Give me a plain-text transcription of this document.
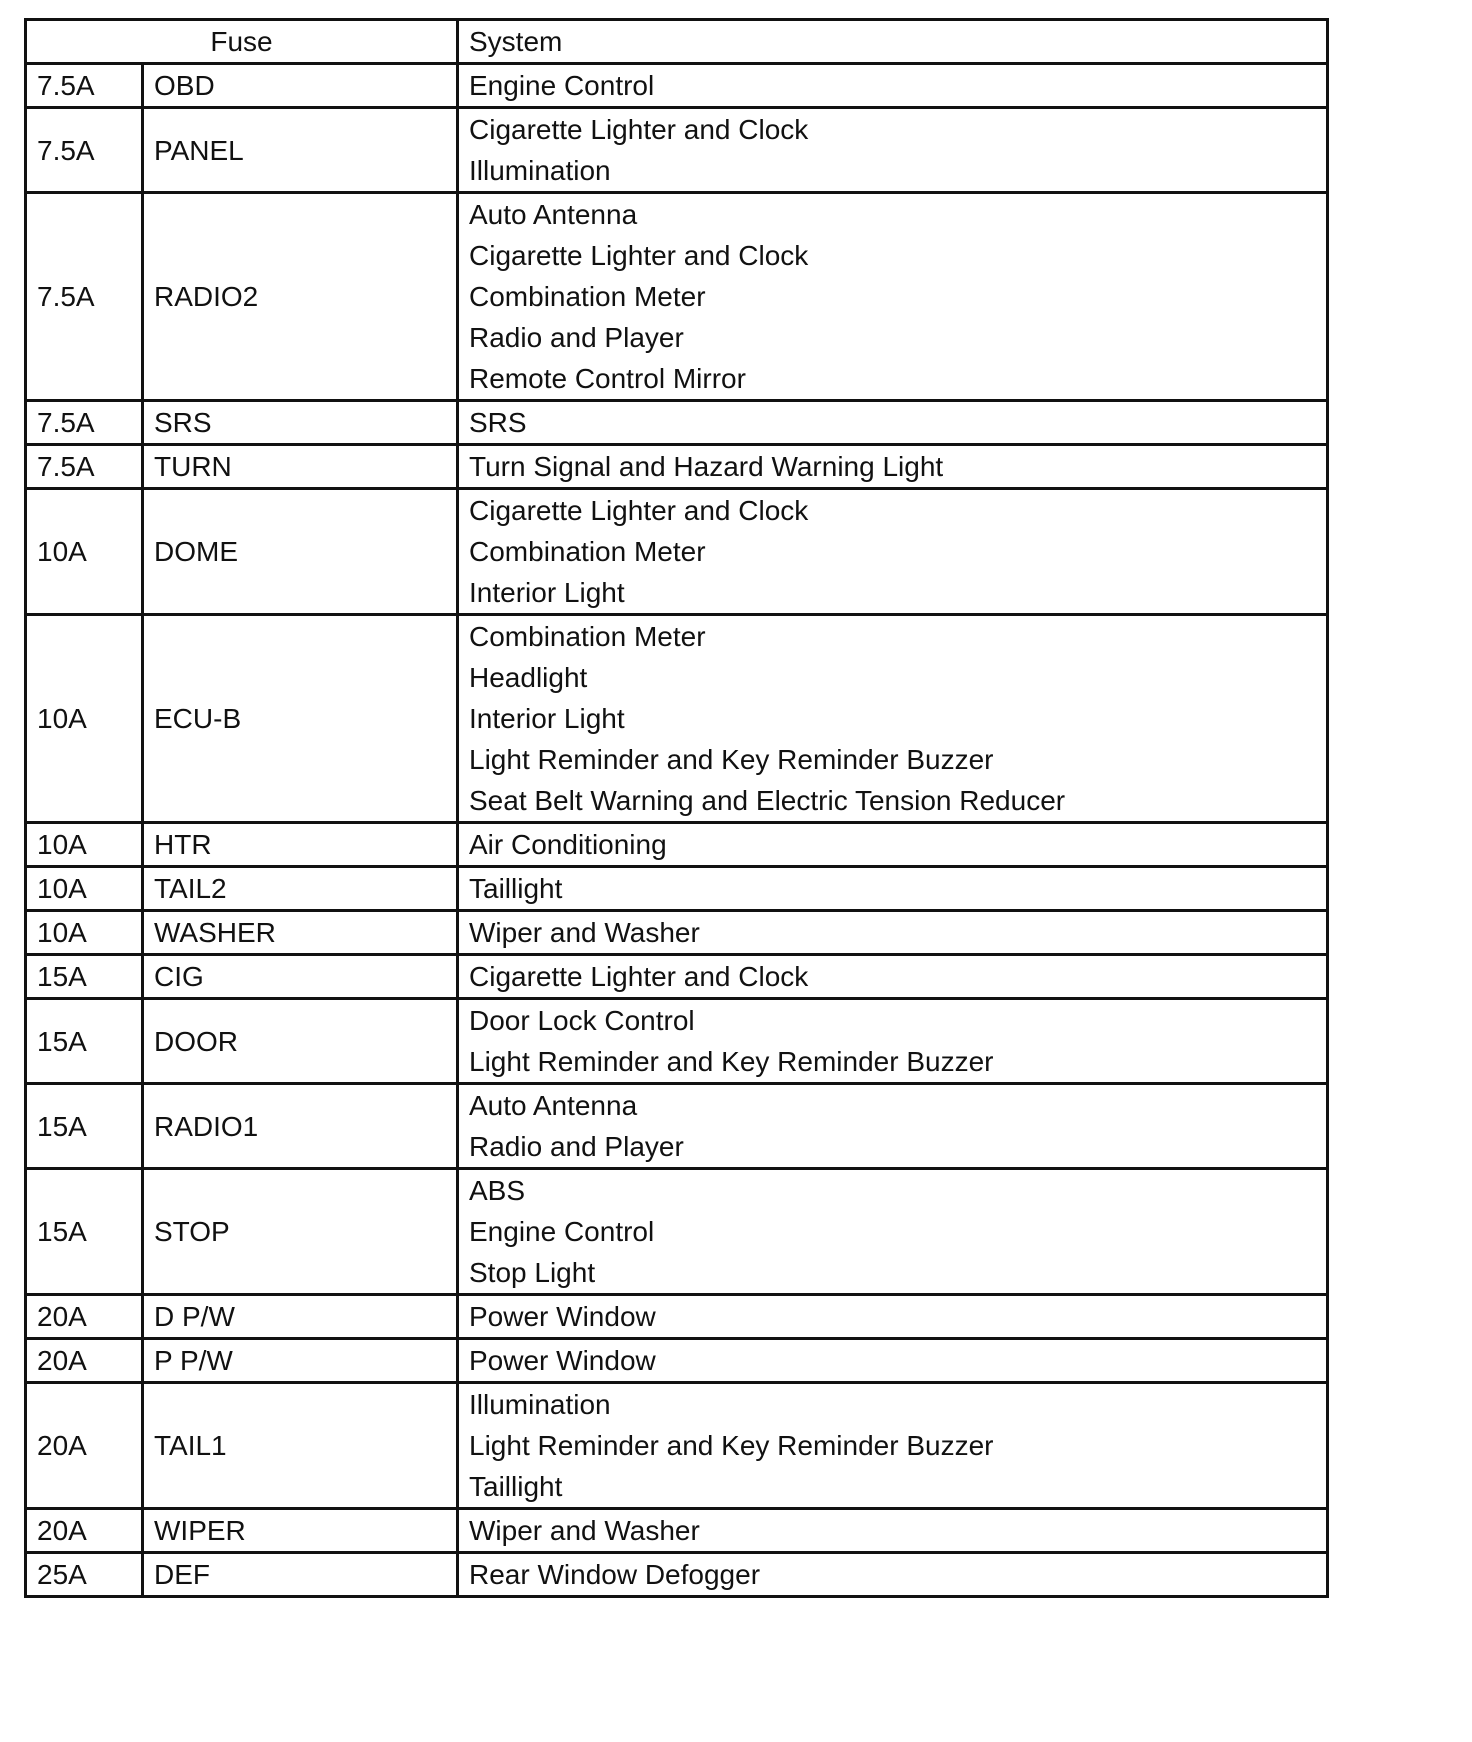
Fuse		System
7.5A	OBD	Engine Control

7.5A	PANEL	Cigarette Lighter and Clock
Illumination

7.5A	RADIO2	Auto Antenna
Cigarette Lighter and Clock
Combination Meter
Radio and Player
Remote Control Mirror

7.5A	SRS	SRS

7.5A	TURN	Turn Signal and Hazard Warning Light

10A	DOME	Cigarette Lighter and Clock
Combination Meter
Interior Light

10A	ECU-B	Combination Meter
Headlight
Interior Light
Light Reminder and Key Reminder Buzzer
Seat Belt Warning and Electric Tension Reducer

10A	HTR	Air Conditioning

10A	TAIL2	Taillight

10A	WASHER	Wiper and Washer

15A	CIG	Cigarette Lighter and Clock

15A	DOOR	Door Lock Control
Light Reminder and Key Reminder Buzzer

15A	RADIO1	Auto Antenna
Radio and Player

15A	STOP	ABS
Engine Control
Stop Light

20A	D P/W	Power Window

20A	P P/W	Power Window

20A	TAIL1	Illumination
Light Reminder and Key Reminder Buzzer
Taillight

20A	WIPER	Wiper and Washer

25A	DEF	Rear Window Defogger
